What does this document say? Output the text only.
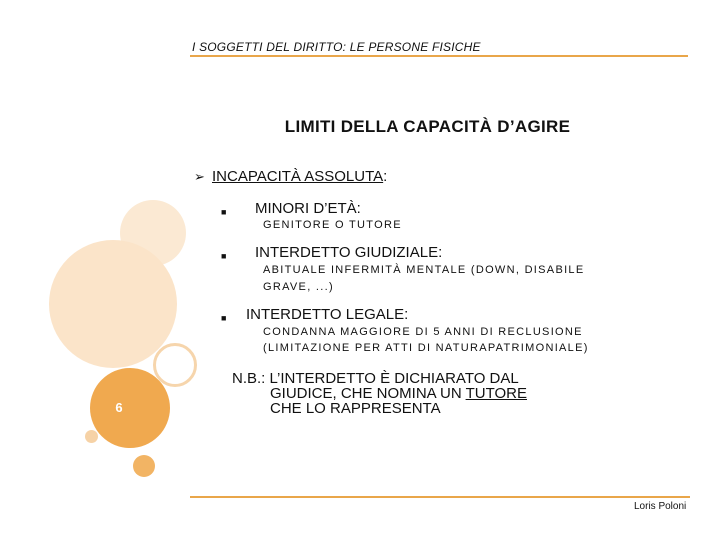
6
I SOGGETTI DEL DIRITTO: LE PERSONE FISICHE
LIMITI DELLA CAPACITÀ D’AGIRE
➢ INCAPACITÀ ASSOLUTA:
■ MINORI D’ETÀ:
GENITORE O TUTORE
■ INTERDETTO GIUDIZIALE:
ABITUALE INFERMITÀ MENTALE (DOWN, DISABILE
GRAVE, ...)
■ INTERDETTO LEGALE:
CONDANNA MAGGIORE DI 5 ANNI DI RECLUSIONE
(LIMITAZIONE PER ATTI DI NATURAPATRIMONIALE)
N.B.: L’INTERDETTO È DICHIARATO DAL
GIUDICE, CHE NOMINA UN TUTORE
CHE LO RAPPRESENTA
Loris Poloni
